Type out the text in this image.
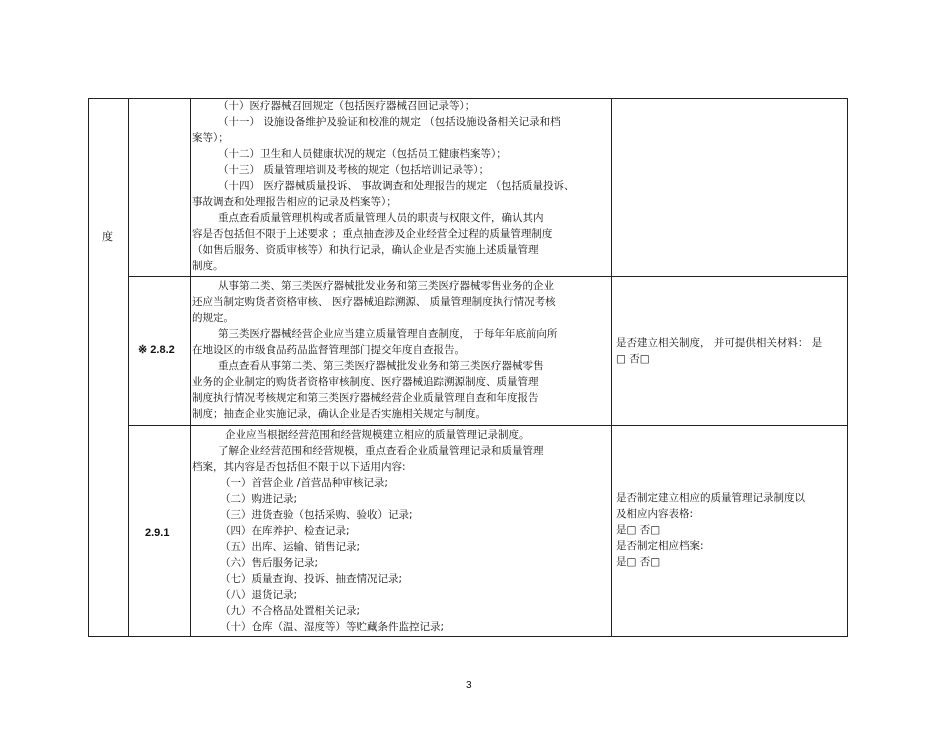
度
（十）医疗器械召回规定（包括医疗器械召回记录等）；
（十一） 设施设备维护及验证和校准的规定 （包括设施设备相关记录和档
案等）；
（十二）卫生和人员健康状况的规定（包括员工健康档案等）；
（十三） 质量管理培训及考核的规定（包括培训记录等）；
（十四） 医疗器械质量投诉、 事故调查和处理报告的规定 （包括质量投诉、
事故调查和处理报告相应的记录及档案等）；
重点查看质量管理机构或者质量管理人员的职责与权限文件，确认其内
容是否包括但不限于上述要求 ；重点抽查涉及企业经营全过程的质量管理制度
（如售后服务、资质审核等）和执行记录，确认企业是否实施上述质量管理
制度。
※ 2.8.2
从事第二类、第三类医疗器械批发业务和第三类医疗器械零售业务的企业
还应当制定购货者资格审核、 医疗器械追踪溯源、 质量管理制度执行情况考核
的规定。
第三类医疗器械经营企业应当建立质量管理自查制度， 于每年年底前向所
在地设区的市级食品药品监督管理部门提交年度自查报告。
重点查看从事第二类、第三类医疗器械批发业务和第三类医疗器械零售
业务的企业制定的购货者资格审核制度、医疗器械追踪溯源制度、质量管理
制度执行情况考核规定和第三类医疗器械经营企业质量管理自查和年度报告
制度；抽查企业实施记录，确认企业是否实施相关规定与制度。
是否建立相关制度， 并可提供相关材料： 是
□ 否□
2.9.1
企业应当根据经营范围和经营规模建立相应的质量管理记录制度。
了解企业经营范围和经营规模，重点查看企业质量管理记录和质量管理
档案，其内容是否包括但不限于以下适用内容:
（一）首营企业 /首营品种审核记录;
（二）购进记录;
（三）进货查验（包括采购、验收）记录;
（四）在库养护、检查记录;
（五）出库、运输、销售记录;
（六）售后服务记录;
（七）质量查询、投诉、抽查情况记录;
（八）退货记录;
（九）不合格品处置相关记录;
（十）仓库（温、湿度等）等贮藏条件监控记录;
是否制定建立相应的质量管理记录制度以
及相应内容表格:
是□ 否□
是否制定相应档案:
是□ 否□
3
